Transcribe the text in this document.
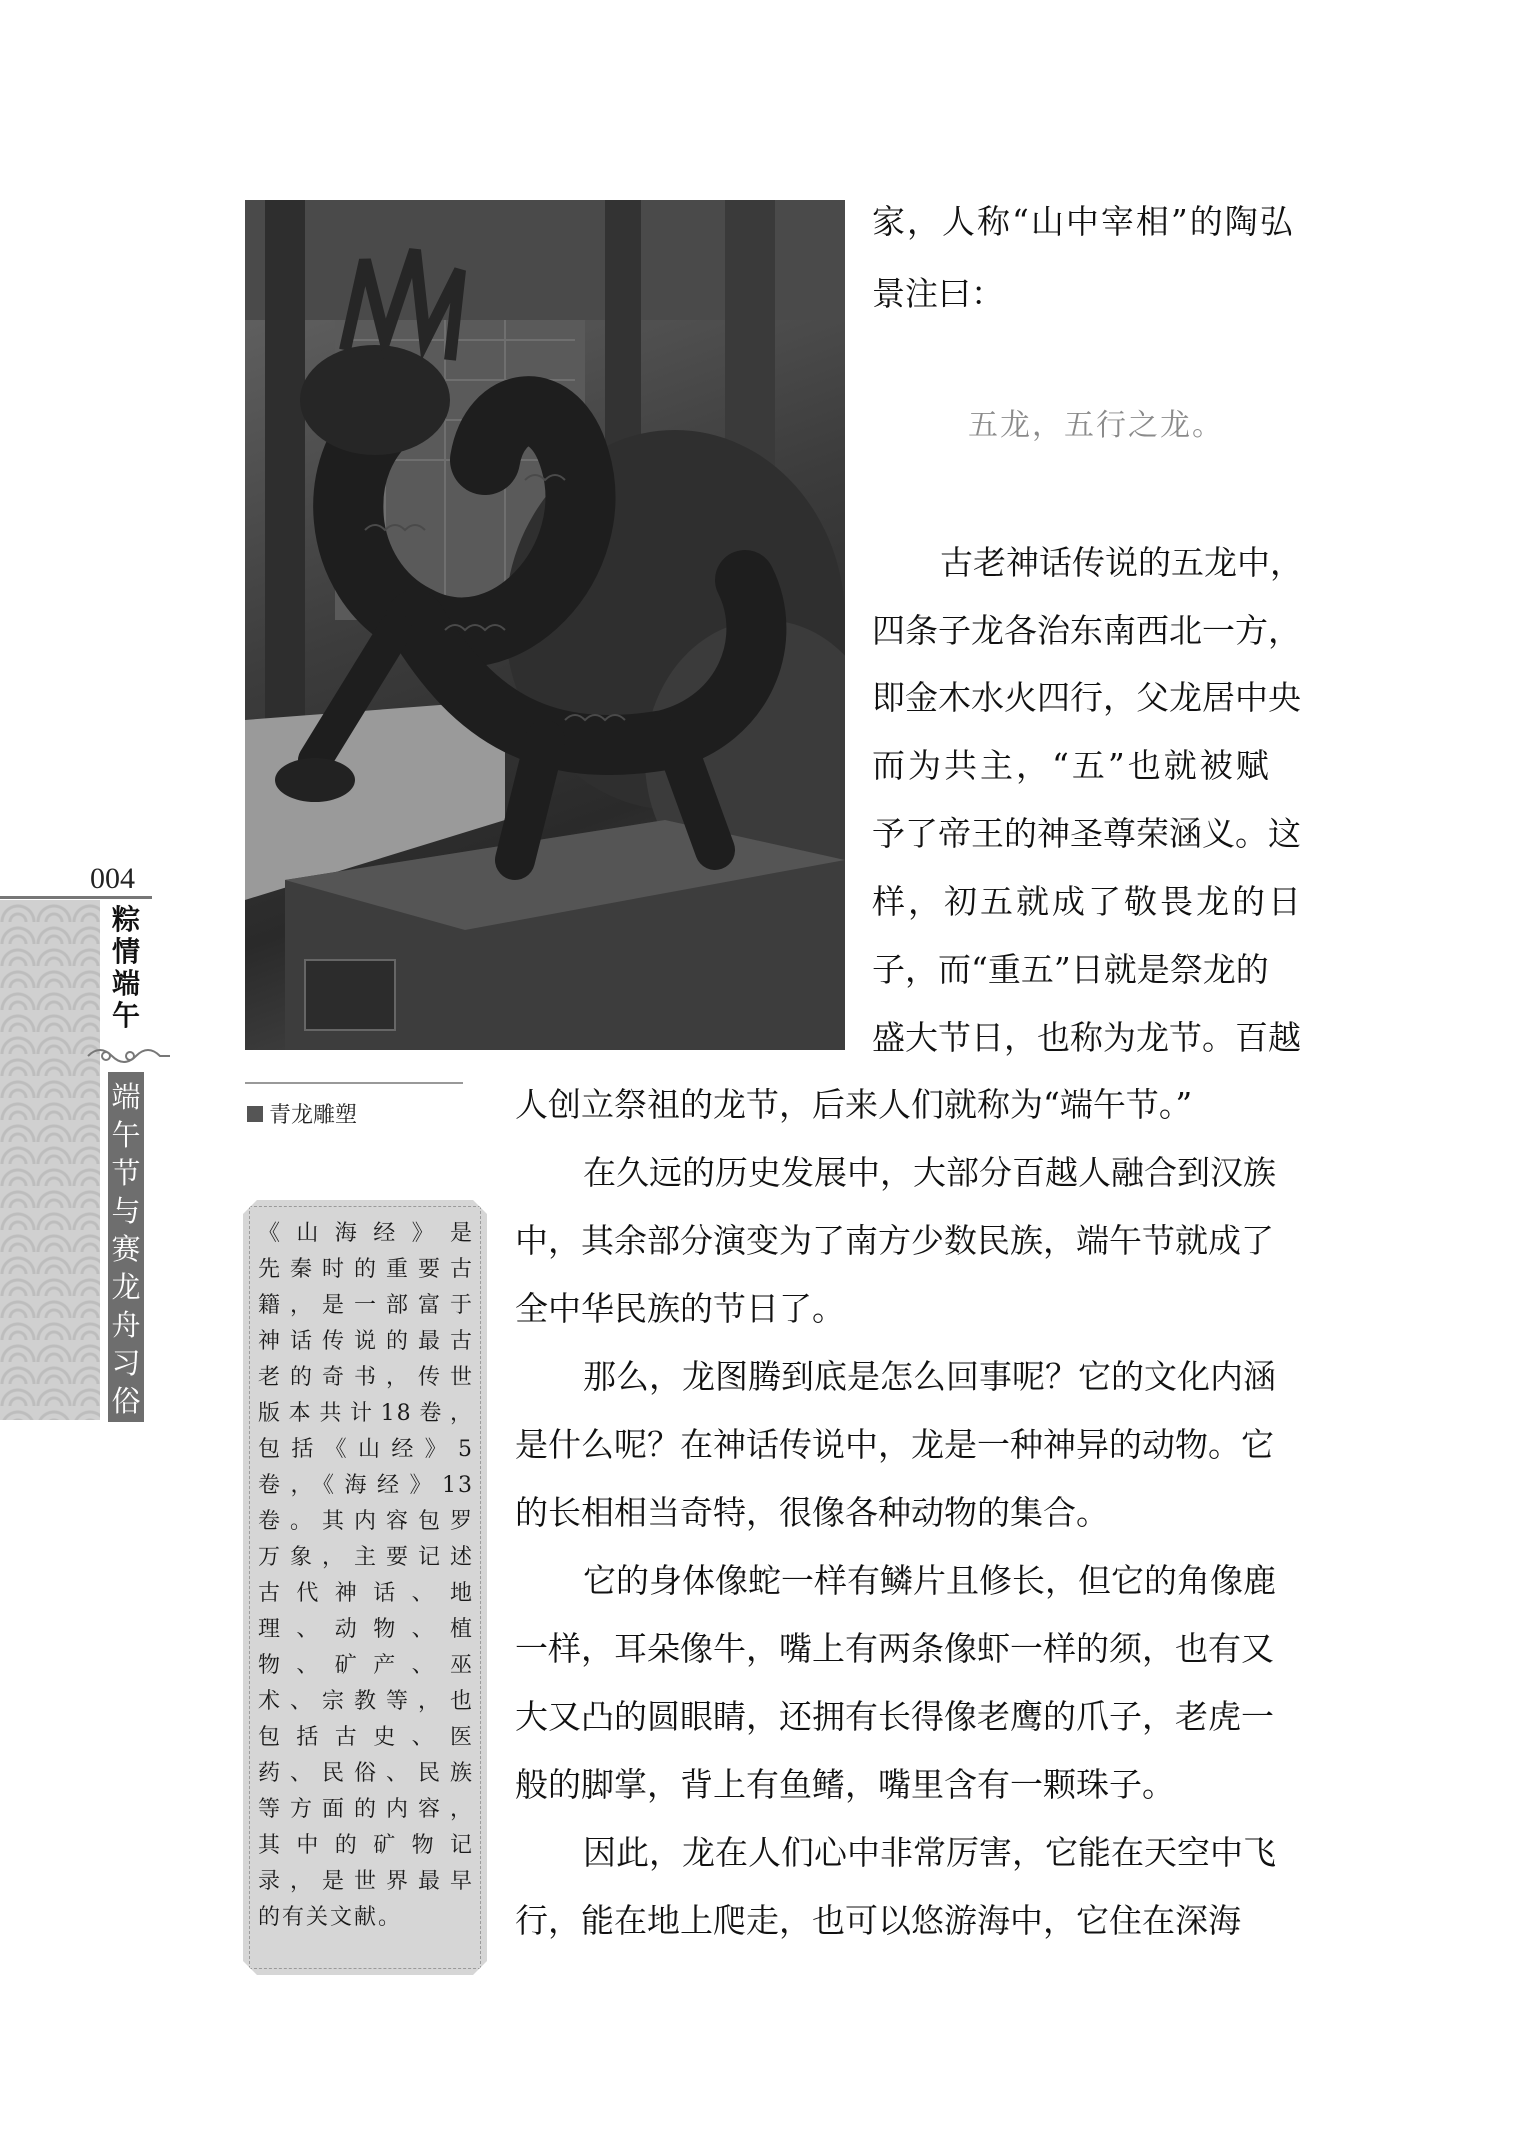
004
粽情端午
端午节与赛龙舟习俗
青龙雕塑
《山海经》是
先秦时的重要古
籍，是一部富于
神话传说的最古
老的奇书，传世
版本共计18卷，
包括《山经》5
卷，《海经》13
卷。其内容包罗
万象，主要记述
古代神话、地
理、动物、植
物、矿产、巫
术、宗教等，也
包括古史、医
药、民俗、民族
等方面的内容，
其中的矿物记
录，是世界最早
的有关文献。
家，人称“山中宰相”的陶弘
景注曰：
五龙，五行之龙。
古老神话传说的五龙中，
四条子龙各治东南西北一方，
即金木水火四行，父龙居中央
而为共主，“五”也就被赋
予了帝王的神圣尊荣涵义。这
样，初五就成了敬畏龙的日
子，而“重五”日就是祭龙的
盛大节日，也称为龙节。百越
人创立祭祖的龙节，后来人们就称为“端午节。”
在久远的历史发展中，大部分百越人融合到汉族
中，其余部分演变为了南方少数民族，端午节就成了
全中华民族的节日了。
那么，龙图腾到底是怎么回事呢？它的文化内涵
是什么呢？在神话传说中，龙是一种神异的动物。它
的长相相当奇特，很像各种动物的集合。
它的身体像蛇一样有鳞片且修长，但它的角像鹿
一样，耳朵像牛，嘴上有两条像虾一样的须，也有又
大又凸的圆眼睛，还拥有长得像老鹰的爪子，老虎一
般的脚掌，背上有鱼鳍，嘴里含有一颗珠子。
因此，龙在人们心中非常厉害，它能在天空中飞
行，能在地上爬走，也可以悠游海中，它住在深海
